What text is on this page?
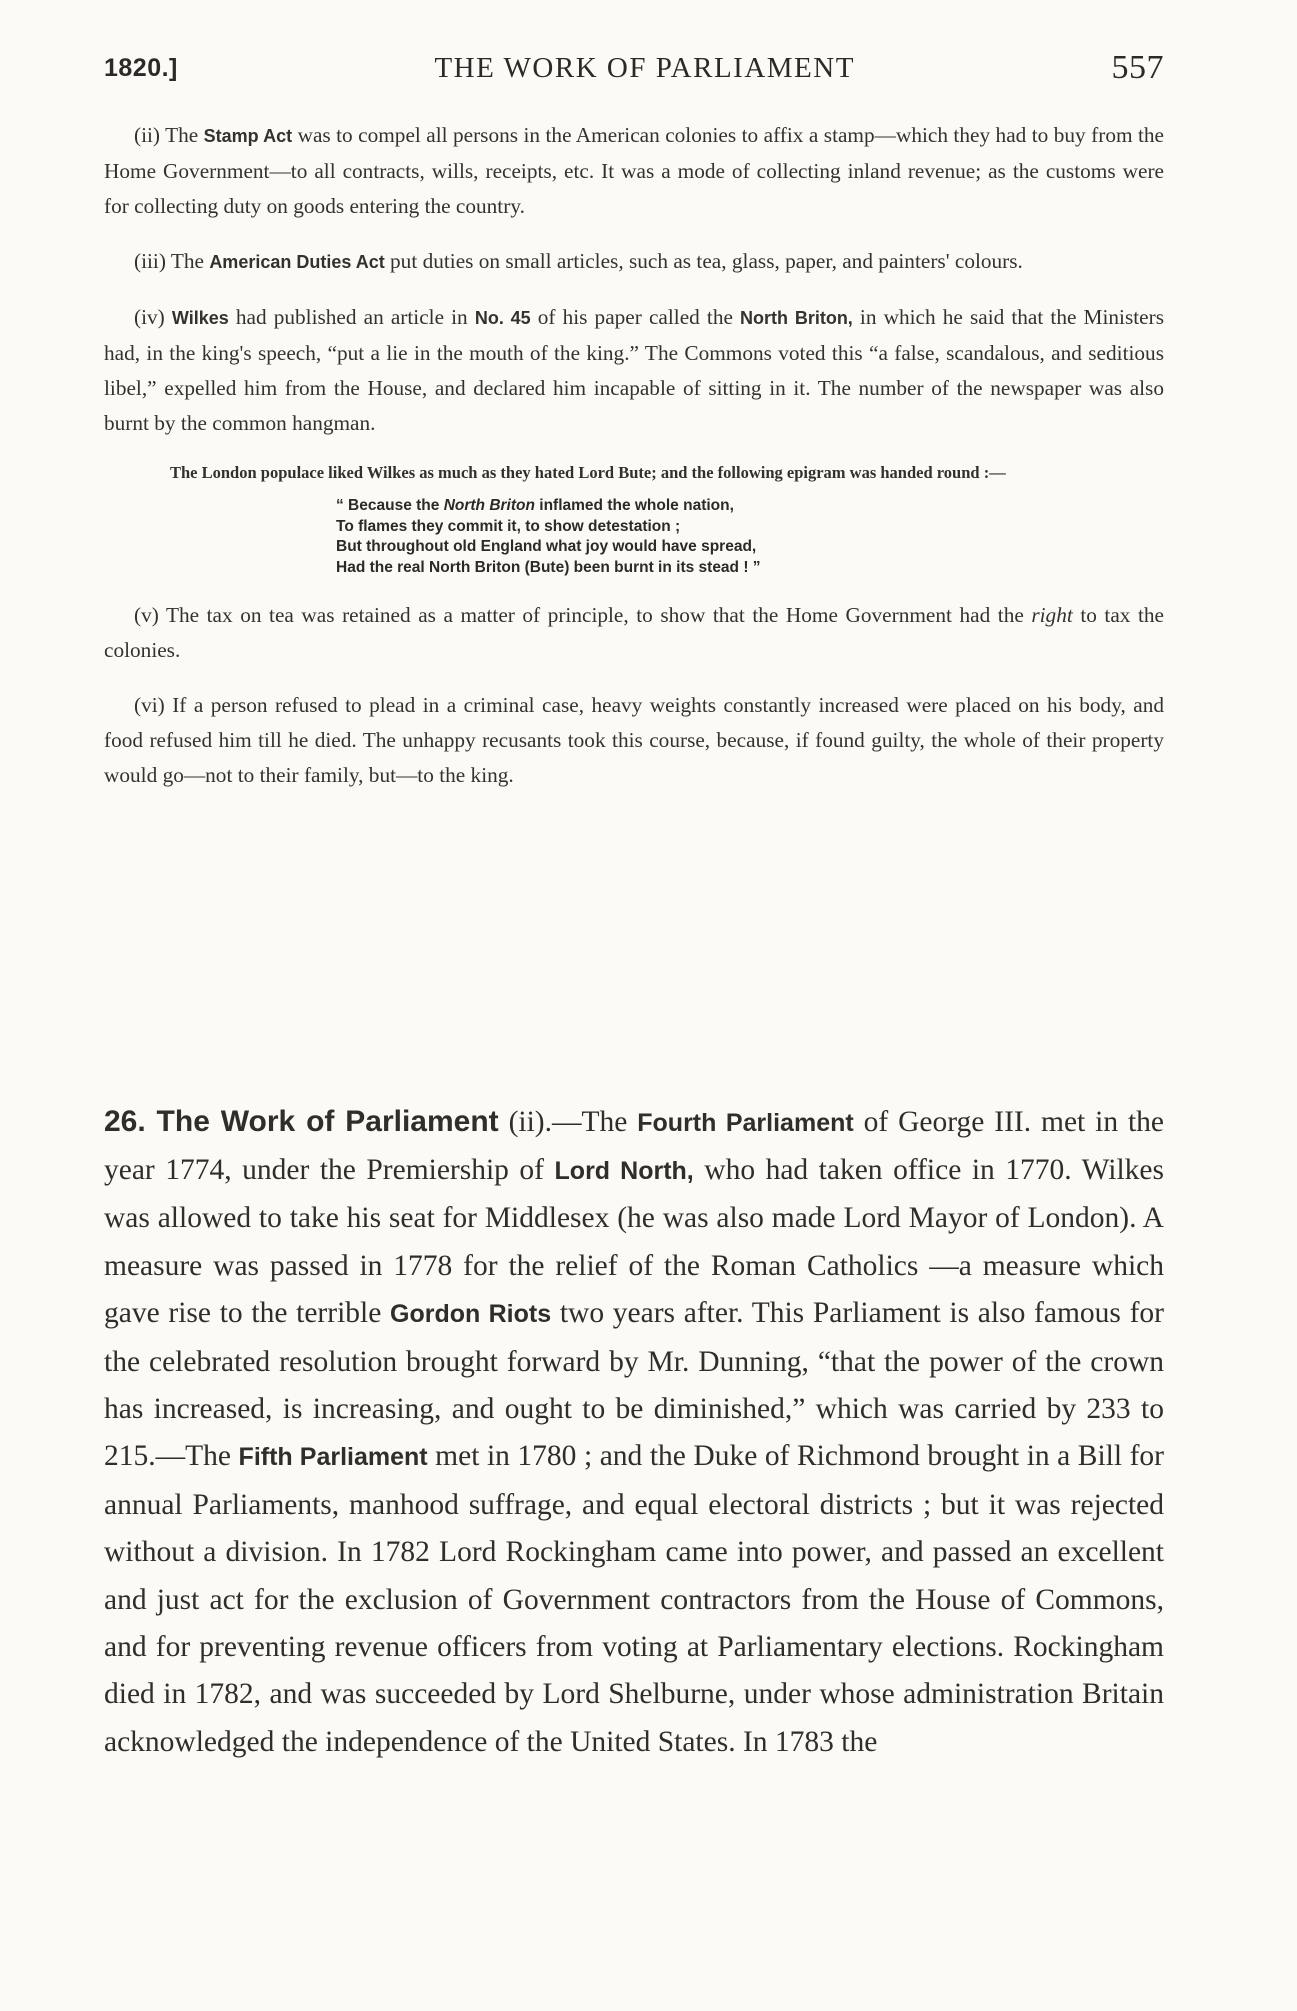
1820.]	THE WORK OF PARLIAMENT	557

(ii) The Stamp Act was to compel all persons in the American colonies to affix a stamp—which they had to buy from the Home Government—to all contracts, wills, receipts, etc. It was a mode of collecting inland revenue; as the customs were for collecting duty on goods entering the country.

(iii) The American Duties Act put duties on small articles, such as tea, glass, paper, and painters' colours.

(iv) Wilkes had published an article in No. 45 of his paper called the North Briton, in which he said that the Ministers had, in the king's speech, “put a lie in the mouth of the king.” The Commons voted this “a false, scandalous, and seditious libel,” expelled him from the House, and declared him incapable of sitting in it. The number of the newspaper was also burnt by the common hangman.

The London populace liked Wilkes as much as they hated Lord Bute; and the following epigram was handed round :—

“ Because the North Briton inflamed the whole nation,
To flames they commit it, to show detestation ;
But throughout old England what joy would have spread,
Had the real North Briton (Bute) been burnt in its stead ! ”

(v) The tax on tea was retained as a matter of principle, to show that the Home Government had the right to tax the colonies.

(vi) If a person refused to plead in a criminal case, heavy weights constantly increased were placed on his body, and food refused him till he died. The unhappy recusants took this course, because, if found guilty, the whole of their property would go—not to their family, but—to the king.

26. The Work of Parliament (ii).—The Fourth Parliament of George III. met in the year 1774, under the Premiership of Lord North, who had taken office in 1770. Wilkes was allowed to take his seat for Middlesex (he was also made Lord Mayor of London). A measure was passed in 1778 for the relief of the Roman Catholics —a measure which gave rise to the terrible Gordon Riots two years after. This Parliament is also famous for the celebrated resolution brought forward by Mr. Dunning, “that the power of the crown has increased, is increasing, and ought to be diminished,” which was carried by 233 to 215.—The Fifth Parliament met in 1780 ; and the Duke of Richmond brought in a Bill for annual Parliaments, manhood suffrage, and equal electoral districts ; but it was rejected without a division. In 1782 Lord Rockingham came into power, and passed an excellent and just act for the exclusion of Government contractors from the House of Commons, and for preventing revenue officers from voting at Parliamentary elections. Rockingham died in 1782, and was succeeded by Lord Shelburne, under whose administration Britain acknowledged the independence of the United States. In 1783 the
